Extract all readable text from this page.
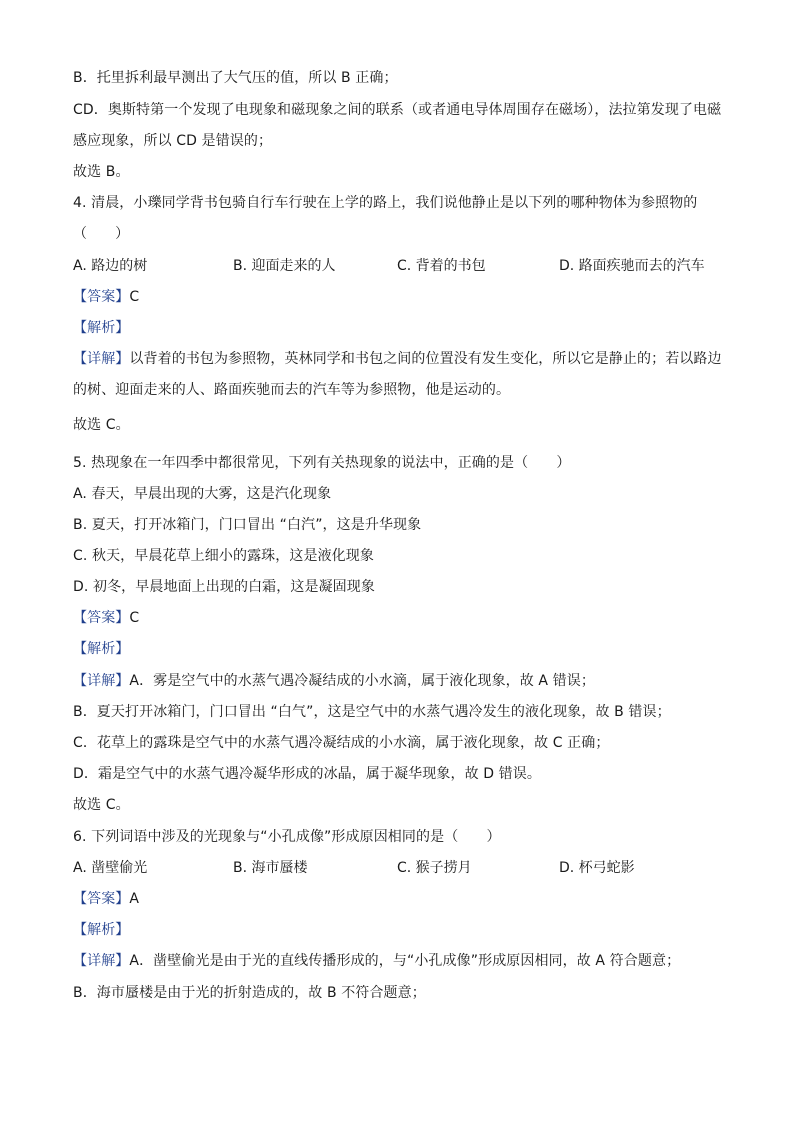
B．托里拆利最早测出了大气压的值，所以 B 正确；
CD．奥斯特第一个发现了电现象和磁现象之间的联系（或者通电导体周围存在磁场），法拉第发现了电磁
感应现象，所以 CD 是错误的；
故选 B。
4. 清晨，小瓅同学背书包骑自行车行驶在上学的路上，我们说他静止是以下列的哪种物体为参照物的
（ ）
A. 路边的树	B. 迎面走来的人	C. 背着的书包	D. 路面疾驰而去的汽车
【答案】C
【解析】
【详解】以背着的书包为参照物，英林同学和书包之间的位置没有发生变化，所以它是静止的；若以路边
的树、迎面走来的人、路面疾驰而去的汽车等为参照物，他是运动的。
故选 C。
5. 热现象在一年四季中都很常见，下列有关热现象的说法中，正确的是（　　）
A. 春天，早晨出现的大雾，这是汽化现象
B. 夏天，打开冰箱门，门口冒出 “白汽”，这是升华现象
C. 秋天，早晨花草上细小的露珠，这是液化现象
D. 初冬，早晨地面上出现的白霜，这是凝固现象
【答案】C
【解析】
【详解】A．雾是空气中的水蒸气遇冷凝结成的小水滴，属于液化现象，故 A 错误；
B．夏天打开冰箱门，门口冒出 “白气”，这是空气中的水蒸气遇冷发生的液化现象，故 B 错误；
C．花草上的露珠是空气中的水蒸气遇冷凝结成的小水滴，属于液化现象，故 C 正确；
D．霜是空气中的水蒸气遇冷凝华形成的冰晶，属于凝华现象，故 D 错误。
故选 C。
6. 下列词语中涉及的光现象与“小孔成像”形成原因相同的是（　　）
A. 凿壁偷光	B. 海市蜃楼	C. 猴子捞月	D. 杯弓蛇影
【答案】A
【解析】
【详解】A．凿壁偷光是由于光的直线传播形成的，与“小孔成像”形成原因相同，故 A 符合题意；
B．海市蜃楼是由于光的折射造成的，故 B 不符合题意；
